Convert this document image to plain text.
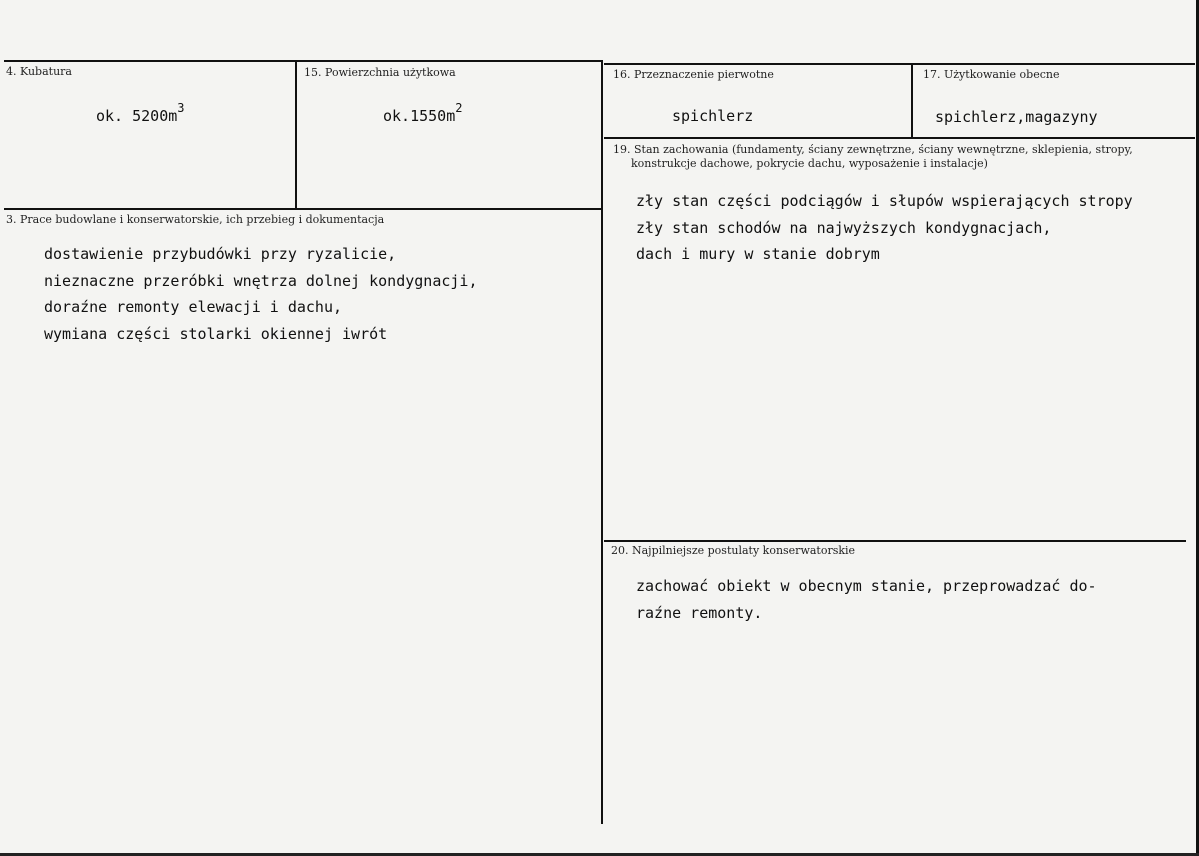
4. Kubatura
ok. $5200m^3$
15. Powierzchnia użytkowa
$ok.1550m^2$
16. Przeznaczenie pierwotne
spichlerz
17. Użytkowanie obecne
spichlerz,magazyny
3. Prace budowlane i konserwatorskie, ich przebieg i dokumentacja
dostawienie przybudówki przy ryzalicie,
nieznaczne przeróbki wnętrza dolnej kondygnacji,
doraźne remonty elewacji i dachu,
wymiana części stolarki okiennej iwrót
19. Stan zachowania (fundamenty, ściany zewnętrzne, ściany wewnętrzne, sklepienia, stropy,
konstrukcje dachowe, pokrycie dachu, wyposażenie i instalacje)
zły stan części podciągów i słupów wspierających stropy
zły stan schodów na najwyższych kondygnacjach,
dach i mury w stanie dobrym
20. Najpilniejsze postulaty konserwatorskie
zachować obiekt w obecnym stanie, przeprowadzać do-
raźne remonty.
